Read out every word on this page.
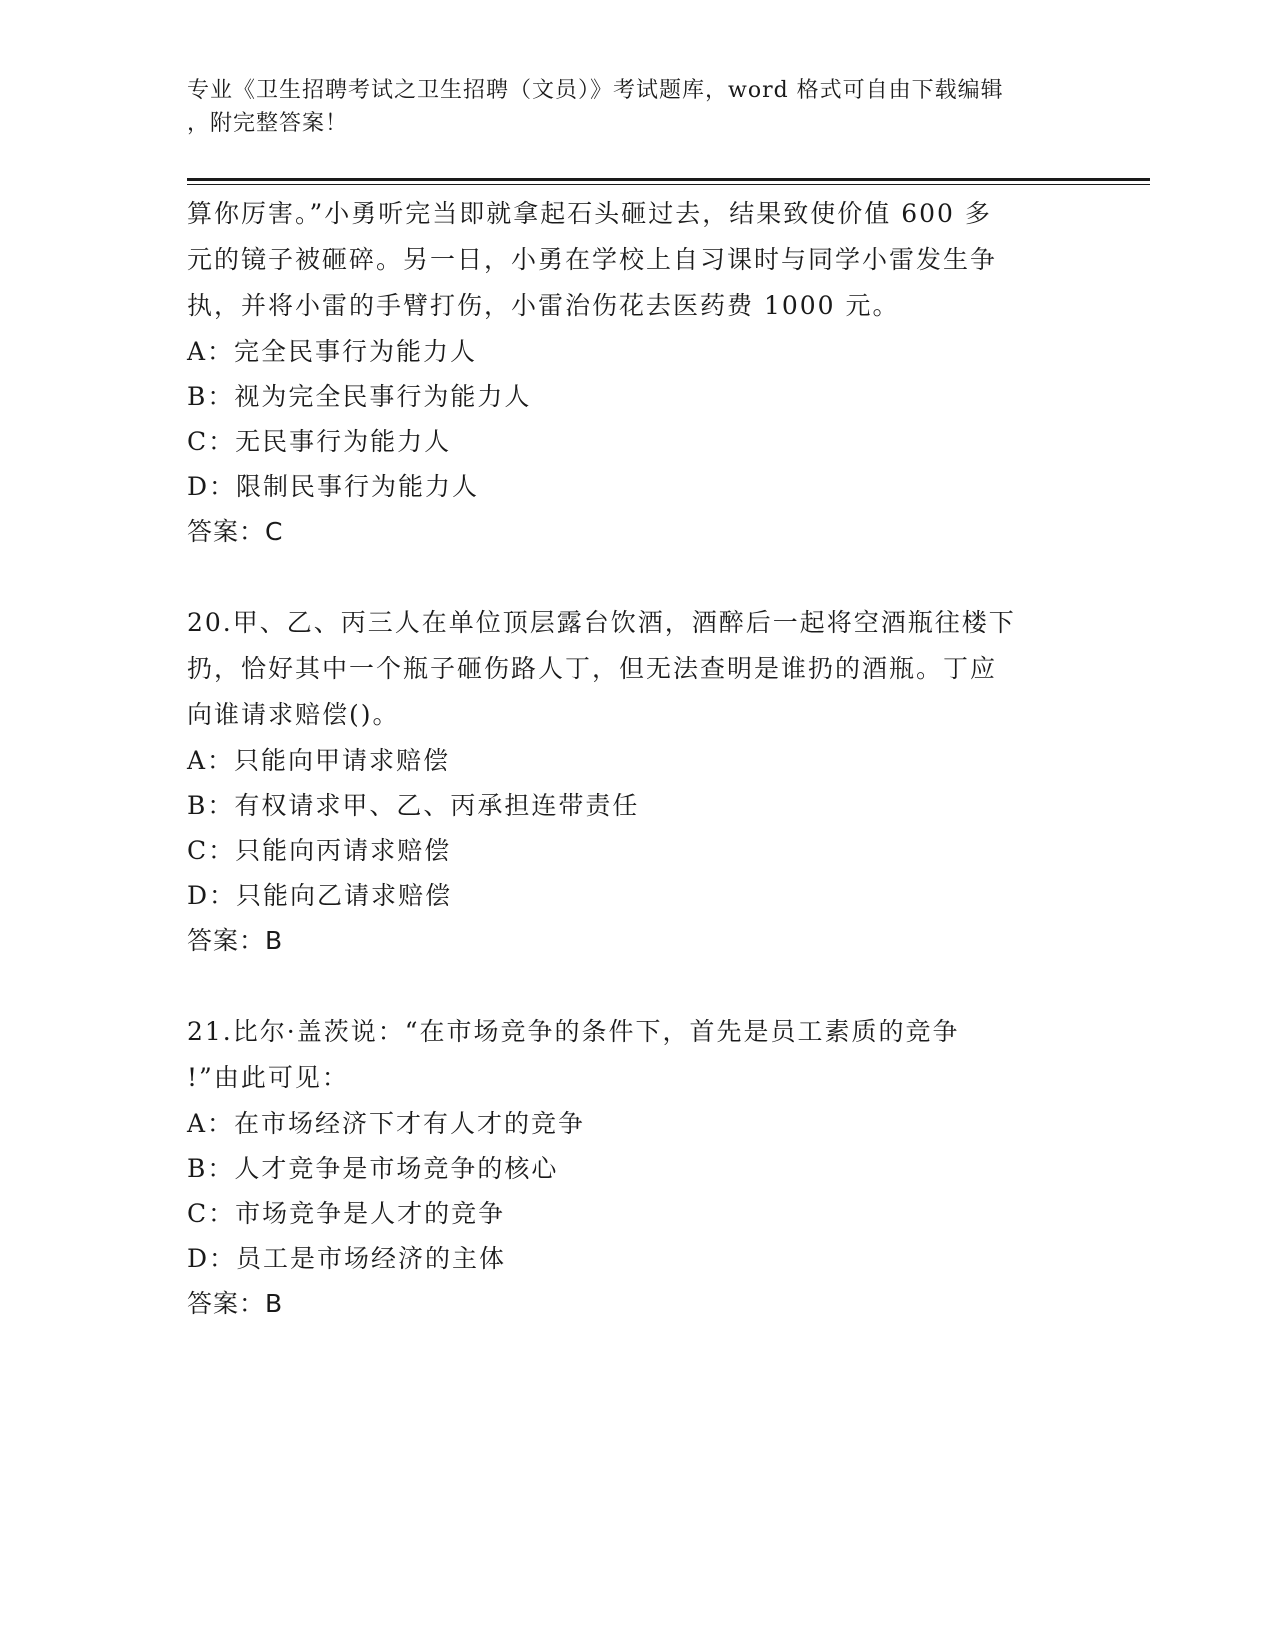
专业《卫生招聘考试之卫生招聘（文员）》考试题库，word 格式可自由下载编辑
，附完整答案！
算你厉害。”小勇听完当即就拿起石头砸过去，结果致使价值 600 多
元的镜子被砸碎。另一日，小勇在学校上自习课时与同学小雷发生争
执，并将小雷的手臂打伤，小雷治伤花去医药费 1000 元。
A：完全民事行为能力人
B：视为完全民事行为能力人
C：无民事行为能力人
D：限制民事行为能力人
答案：C
20.甲、乙、丙三人在单位顶层露台饮酒，酒醉后一起将空酒瓶往楼下
扔，恰好其中一个瓶子砸伤路人丁，但无法查明是谁扔的酒瓶。丁应
向谁请求赔偿()。
A：只能向甲请求赔偿
B：有权请求甲、乙、丙承担连带责任
C：只能向丙请求赔偿
D：只能向乙请求赔偿
答案：B
21.比尔·盖茨说：“在市场竞争的条件下，首先是员工素质的竞争
!”由此可见：
A：在市场经济下才有人才的竞争
B：人才竞争是市场竞争的核心
C：市场竞争是人才的竞争
D：员工是市场经济的主体
答案：B
